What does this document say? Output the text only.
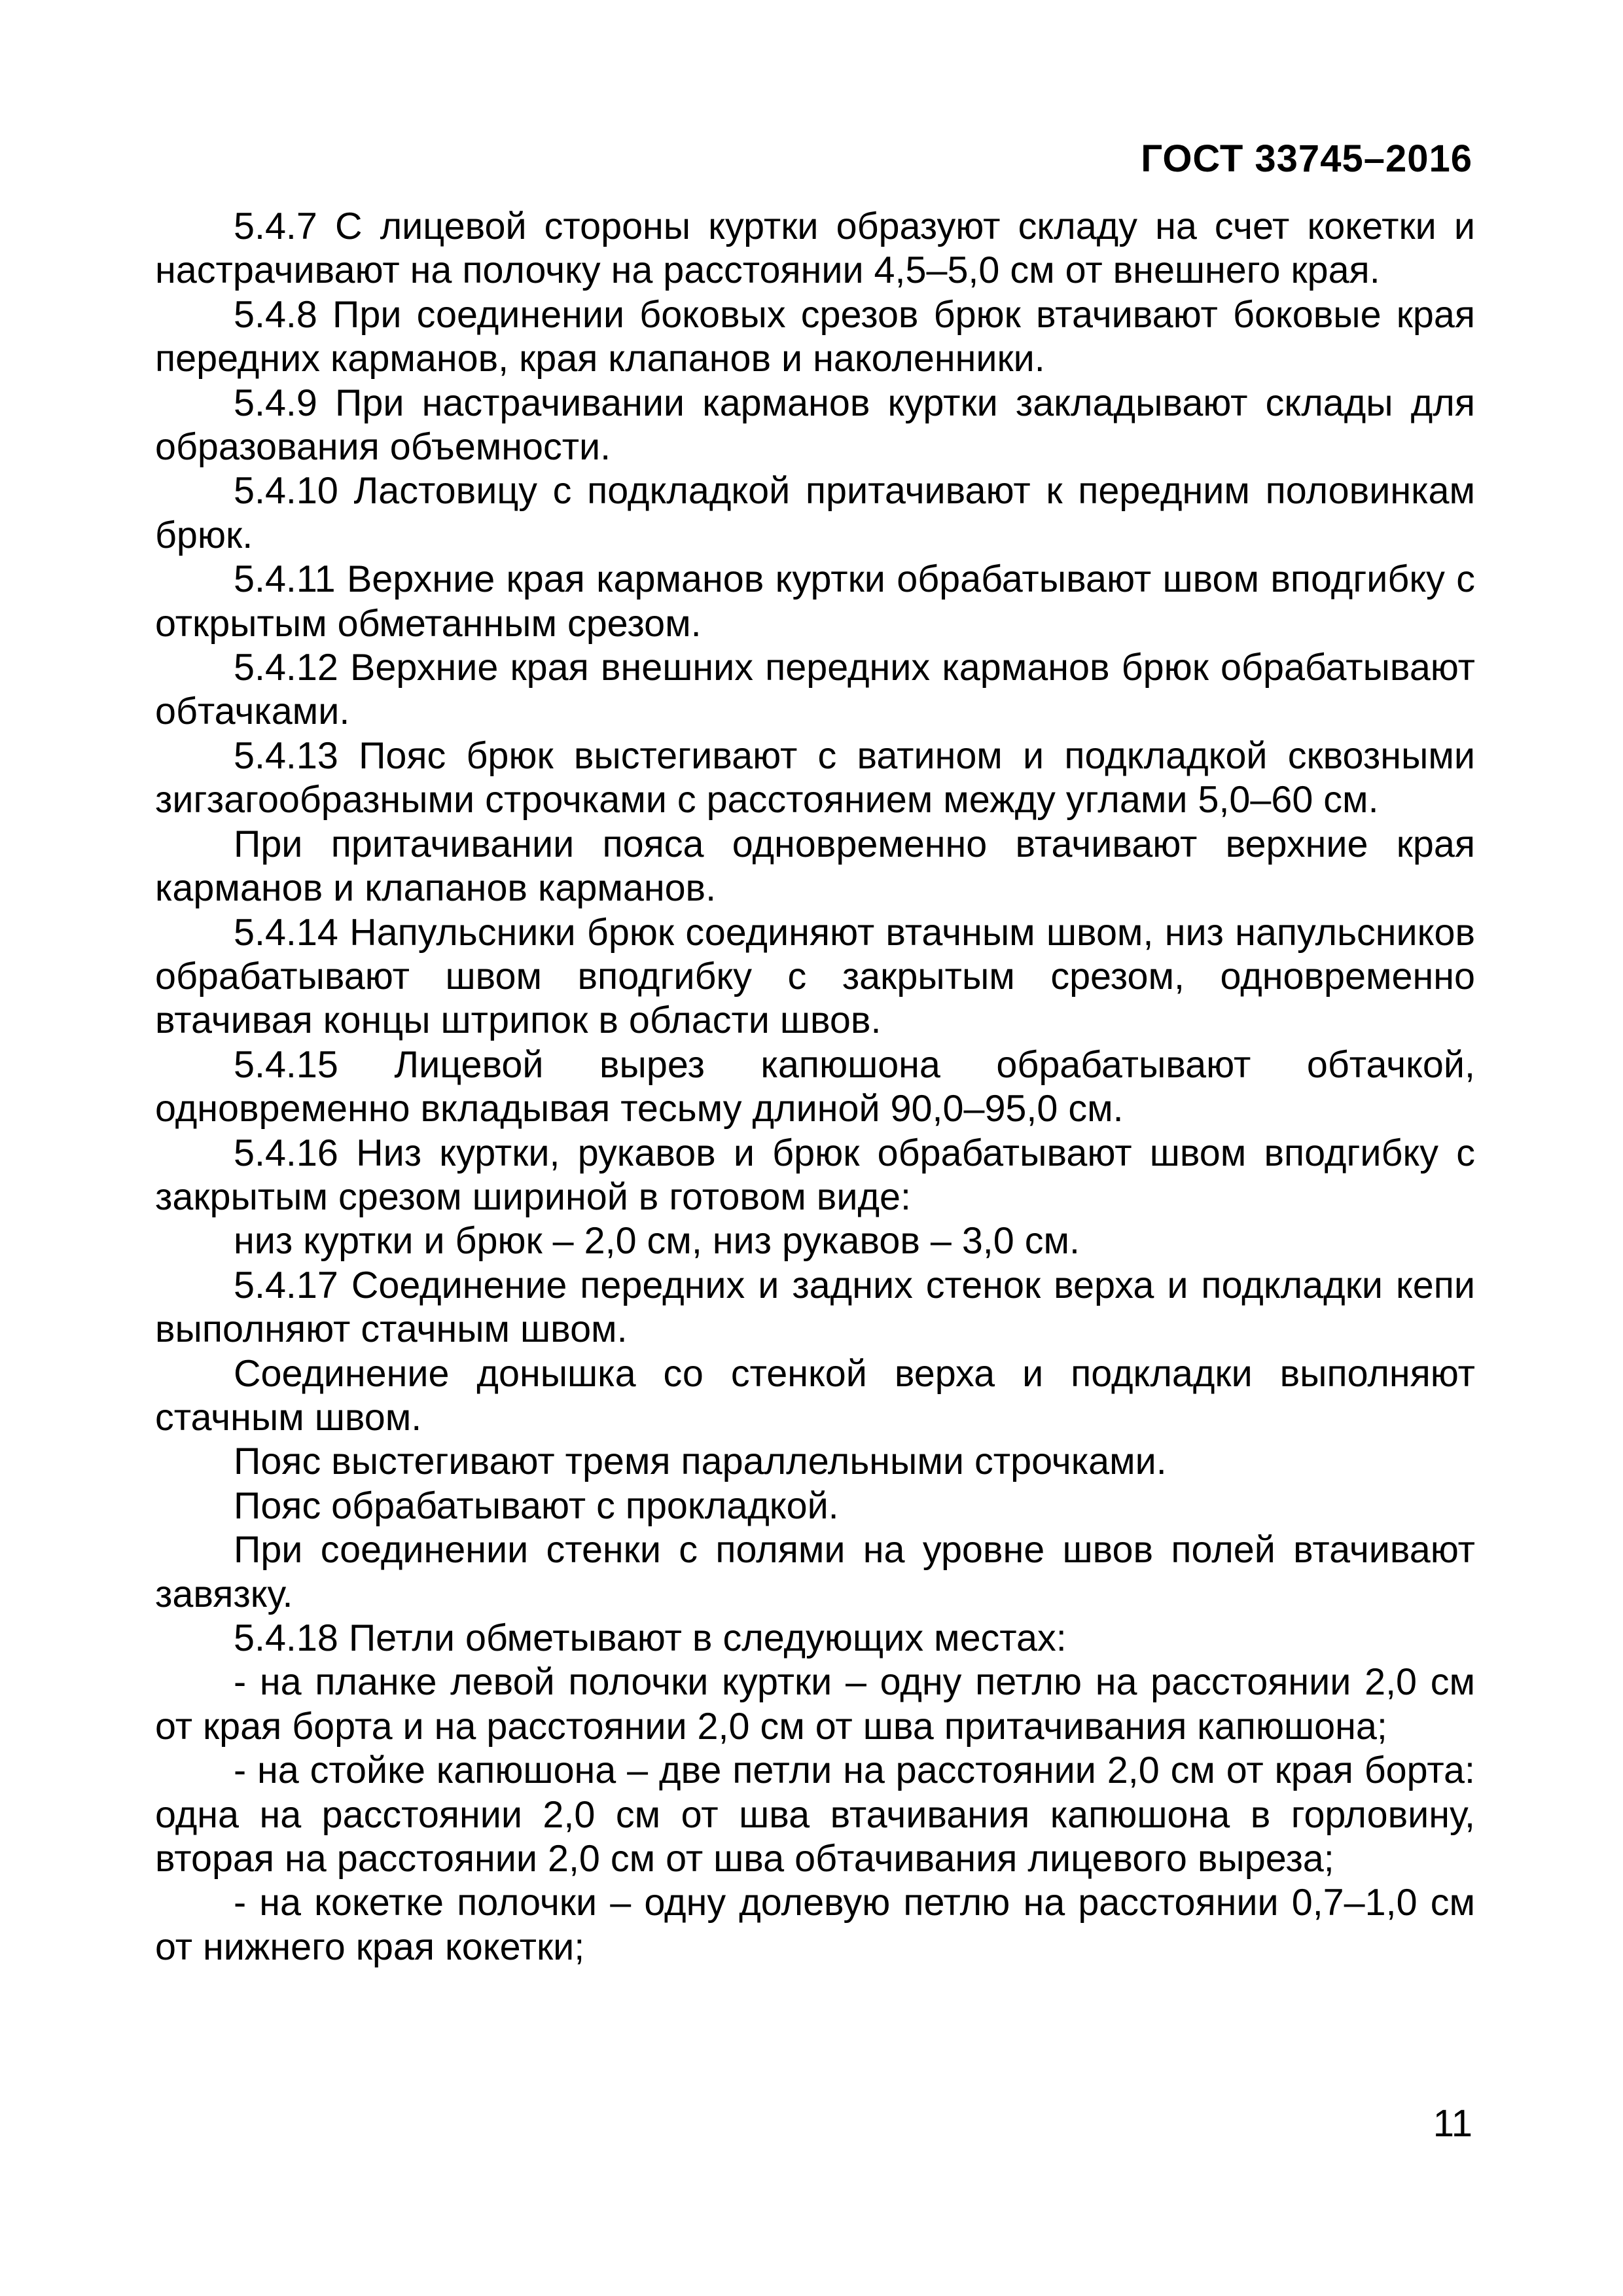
ГОСТ 33745–2016

5.4.7 С лицевой стороны куртки образуют складу на счет кокетки и настрачивают на полочку на расстоянии 4,5–5,0 см от внешнего края.

5.4.8 При соединении боковых срезов брюк втачивают боковые края передних карманов, края клапанов и наколенники.

5.4.9 При настрачивании карманов куртки закладывают склады для образования объемности.

5.4.10 Ластовицу с подкладкой притачивают к передним половинкам брюк.

5.4.11 Верхние края карманов куртки обрабатывают швом вподгибку с открытым обметанным срезом.

5.4.12 Верхние края внешних передних карманов брюк обрабатывают обтачками.

5.4.13 Пояс брюк выстегивают с ватином и подкладкой сквозными зигзагообразными строчками с расстоянием между углами 5,0–60 см.

При притачивании пояса одновременно втачивают верхние края карманов и клапанов карманов.

5.4.14 Напульсники брюк соединяют втачным швом, низ напульсников обрабатывают швом вподгибку с закрытым срезом, одновременно втачивая концы штрипок в области швов.

5.4.15 Лицевой вырез капюшона обрабатывают обтачкой, одновременно вкладывая тесьму длиной 90,0–95,0 см.

5.4.16 Низ куртки, рукавов и брюк обрабатывают швом вподгибку с закрытым срезом шириной в готовом виде:

низ куртки и брюк – 2,0 см, низ рукавов – 3,0 см.

5.4.17 Соединение передних и задних стенок верха и подкладки кепи выполняют стачным швом.

Соединение донышка со стенкой верха и подкладки выполняют стачным швом.

Пояс выстегивают тремя параллельными строчками.

Пояс обрабатывают с прокладкой.

При соединении стенки с полями на уровне швов полей втачивают завязку.

5.4.18 Петли обметывают в следующих местах:

- на планке левой полочки куртки – одну петлю на расстоянии 2,0 см от края борта и на расстоянии 2,0 см от шва притачивания капюшона;

- на стойке капюшона – две петли на расстоянии 2,0 см от края борта: одна на расстоянии 2,0 см от шва втачивания капюшона в горловину, вторая на расстоянии 2,0 см от шва обтачивания лицевого выреза;

- на кокетке полочки – одну долевую петлю на расстоянии 0,7–1,0 см от нижнего края кокетки;

11
